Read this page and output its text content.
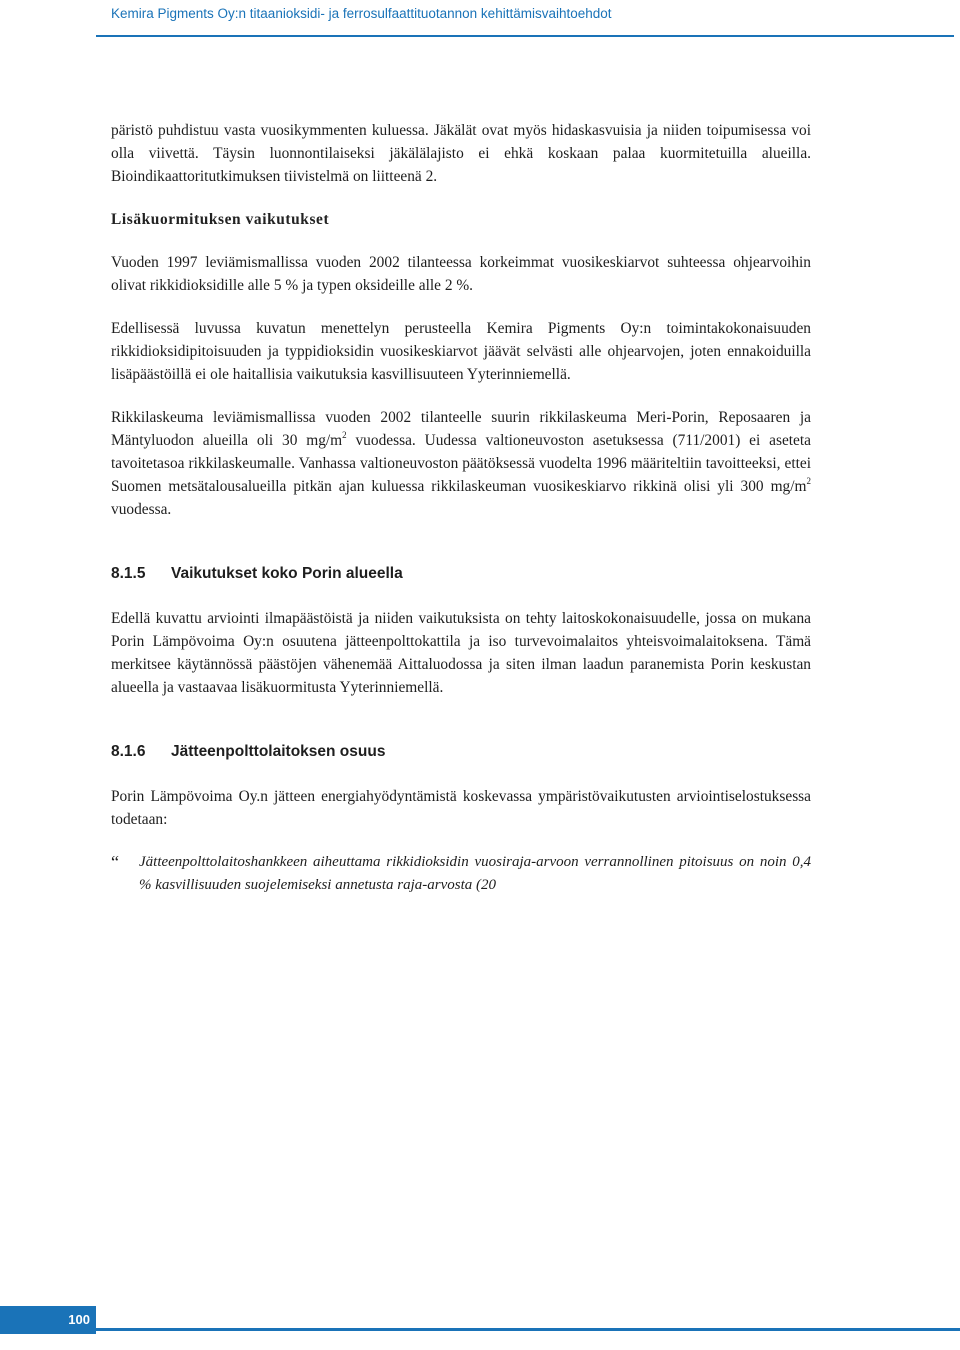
Kemira Pigments Oy:n titaanioksidi- ja ferrosulfaattituotannon kehittämisvaihtoehdot

päristö puhdistuu vasta vuosikymmenten kuluessa. Jäkälät ovat myös hidaskasvuisia ja niiden toipumisessa voi olla viivettä. Täysin luonnontilaiseksi jäkälälajisto ei ehkä koskaan palaa kuormitetuilla alueilla. Bioindikaattoritutkimuksen tiivistelmä on liitteenä 2.

Lisäkuormituksen vaikutukset

Vuoden 1997 leviämismallissa vuoden 2002 tilanteessa korkeimmat vuosikeskiarvot suhteessa ohjearvoihin olivat rikkidioksidille alle 5 % ja typen oksideille alle 2 %.

Edellisessä luvussa kuvatun menettelyn perusteella Kemira Pigments Oy:n toimintakokonaisuuden rikkidioksidipitoisuuden ja typpidioksidin vuosikeskiarvot jäävät selvästi alle ohjearvojen, joten ennakoiduilla lisäpäästöillä ei ole haitallisia vaikutuksia kasvillisuuteen Yyterinniemellä.

Rikkilaskeuma leviämismallissa vuoden 2002 tilanteelle suurin rikkilaskeuma Meri-Porin, Reposaaren ja Mäntyluodon alueilla oli 30 $mg/m^2$ vuodessa. Uudessa valtioneuvoston asetuksessa (711/2001) ei aseteta tavoitetasoa rikkilaskeumalle. Vanhassa valtioneuvoston päätöksessä vuodelta 1996 määriteltiin tavoitteeksi, ettei Suomen metsätalousalueilla pitkän ajan kuluessa rikkilaskeuman vuosikeskiarvo rikkinä olisi yli 300 $mg/m^2$ vuodessa.

8.1.5	Vaikutukset koko Porin alueella

Edellä kuvattu arviointi ilmapäästöistä ja niiden vaikutuksista on tehty laitoskokonaisuudelle, jossa on mukana Porin Lämpövoima Oy:n osuutena jätteenpolttokattila ja iso turvevoimalaitos yhteisvoimalaitoksena. Tämä merkitsee käytännössä päästöjen vähenemää Aittaluodossa ja siten ilman laadun paranemista Porin keskustan alueella ja vastaavaa lisäkuormitusta Yyterinniemellä.

8.1.6	Jätteenpolttolaitoksen osuus

Porin Lämpövoima Oy.n jätteen energiahyödyntämistä koskevassa ympäristövaikutusten arviointiselostuksessa todetaan:

“ Jätteenpolttolaitoshankkeen aiheuttama rikkidioksidin vuosiraja-arvoon verrannollinen pitoisuus on noin 0,4 % kasvillisuuden suojelemiseksi annetusta raja-arvosta (20
100
